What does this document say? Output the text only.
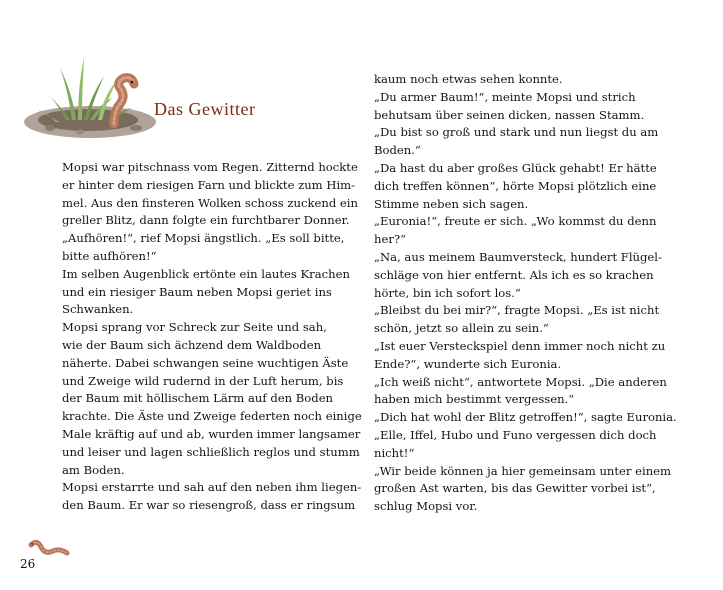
Das Gewitter
Mopsi war pitschnass vom Regen. Zitternd hockte
er hinter dem riesigen Farn und blickte zum Him-
mel. Aus den finsteren Wolken schoss zuckend ein
greller Blitz, dann folgte ein furchtbarer Donner.
„Aufhören!“, rief Mopsi ängstlich. „Es soll bitte,
bitte aufhören!“
Im selben Augenblick ertönte ein lautes Krachen
und ein riesiger Baum neben Mopsi geriet ins
Schwanken.
Mopsi sprang vor Schreck zur Seite und sah,
wie der Baum sich ächzend dem Waldboden
näherte. Dabei schwangen seine wuchtigen Äste
und Zweige wild rudernd in der Luft herum, bis
der Baum mit höllischem Lärm auf den Boden
krachte. Die Äste und Zweige federten noch einige
Male kräftig auf und ab, wurden immer langsamer
und leiser und lagen schließlich reglos und stumm
am Boden.
Mopsi erstarrte und sah auf den neben ihm liegen-
den Baum. Er war so riesengroß, dass er ringsum
kaum noch etwas sehen konnte.
„Du armer Baum!“, meinte Mopsi und strich
behutsam über seinen dicken, nassen Stamm.
„Du bist so groß und stark und nun liegst du am
Boden.“
„Da hast du aber großes Glück gehabt! Er hätte
dich treffen können“, hörte Mopsi plötzlich eine
Stimme neben sich sagen.
„Euronia!“, freute er sich. „Wo kommst du denn
her?“
„Na, aus meinem Baumversteck, hundert Flügel-
schläge von hier entfernt. Als ich es so krachen
hörte, bin ich sofort los.“
„Bleibst du bei mir?“, fragte Mopsi. „Es ist nicht
schön, jetzt so allein zu sein.“
„Ist euer Versteckspiel denn immer noch nicht zu
Ende?“, wunderte sich Euronia.
„Ich weiß nicht“, antwortete Mopsi. „Die anderen
haben mich bestimmt vergessen.“
„Dich hat wohl der Blitz getroffen!“, sagte Euronia.
„Elle, Iffel, Hubo und Funo vergessen dich doch
nicht!“
„Wir beide können ja hier gemeinsam unter einem
großen Ast warten, bis das Gewitter vorbei ist“,
schlug Mopsi vor.
26
